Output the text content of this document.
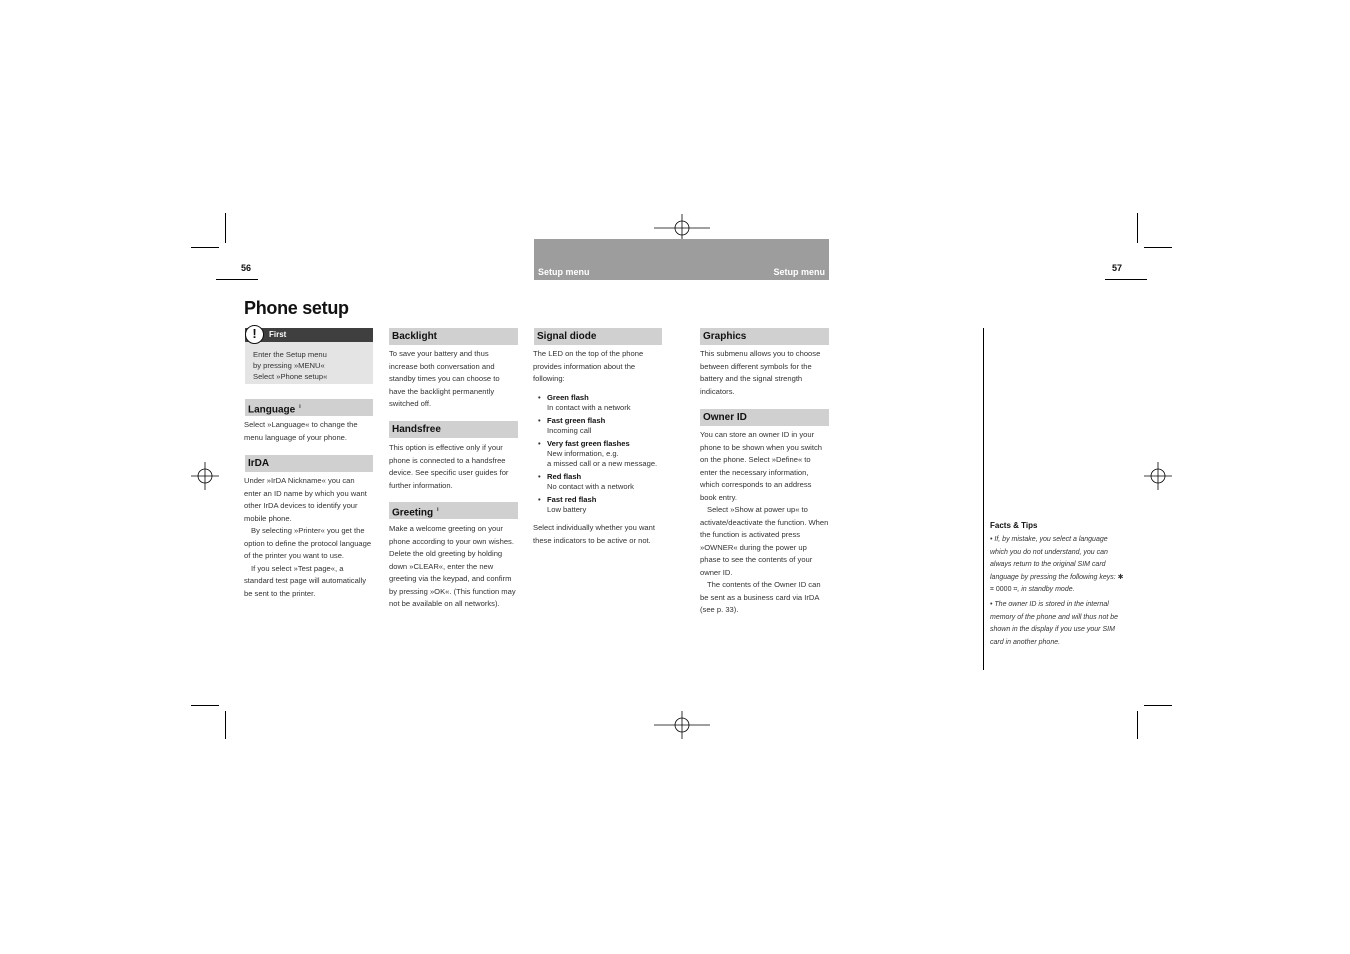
56	57
Setup menu	Setup menu
Phone setup

Enter the Setup menu

by pressing »MENU«

Select »Phone setup«

First
!
Language $^i$
Select »Language« to change the menu language of your phone.
IrDA

Under »IrDA Nickname« you can enter an ID name by which you want other IrDA devices to identify your mobile phone.

By selecting »Printer« you get the option to define the protocol language of the printer you want to use.

If you select »Test page«, a standard test page will automatically be sent to the printer.

Backlight
To save your battery and thus increase both conversation and standby times you can choose to have the backlight permanently switched off.
Handsfree
This option is effective only if your phone is connected to a handsfree device. See specific user guides for further information.
Greeting $^i$
Make a welcome greeting on your phone according to your own wishes. Delete the old greeting by holding down »CLEAR«, enter the new greeting via the keypad, and confirm by pressing »OK«. (This function may not be available on all networks).
Signal diode
The LED on the top of the phone provides information about the following:
• Green flash
In contact with a network
• Fast green flash
Incoming call
• Very fast green flashes
New information, e.g.
a missed call or a new message.
• Red flash
No contact with a network
• Fast red flash
Low battery
Select individually whether you want these indicators to be active or not.
Graphics
This submenu allows you to choose between different symbols for the battery and the signal strength indicators.
Owner ID

You can store an owner ID in your phone to be shown when you switch on the phone. Select »Define« to enter the necessary information, which corresponds to an address book entry.

Select »Show at power up« to activate/deactivate the function. When the function is activated press »OWNER« during the power up phase to see the contents of your owner ID.

The contents of the Owner ID can be sent as a business card via IrDA (see p. 33).

Facts & Tips

• If, by mistake, you select a language which you do not understand, you can always return to the original SIM card language by pressing the following keys: ✱ ⌗ 0000 ⌗, in standby mode.

• The owner ID is stored in the internal memory of the phone and will thus not be shown in the display if you use your SIM card in another phone.
